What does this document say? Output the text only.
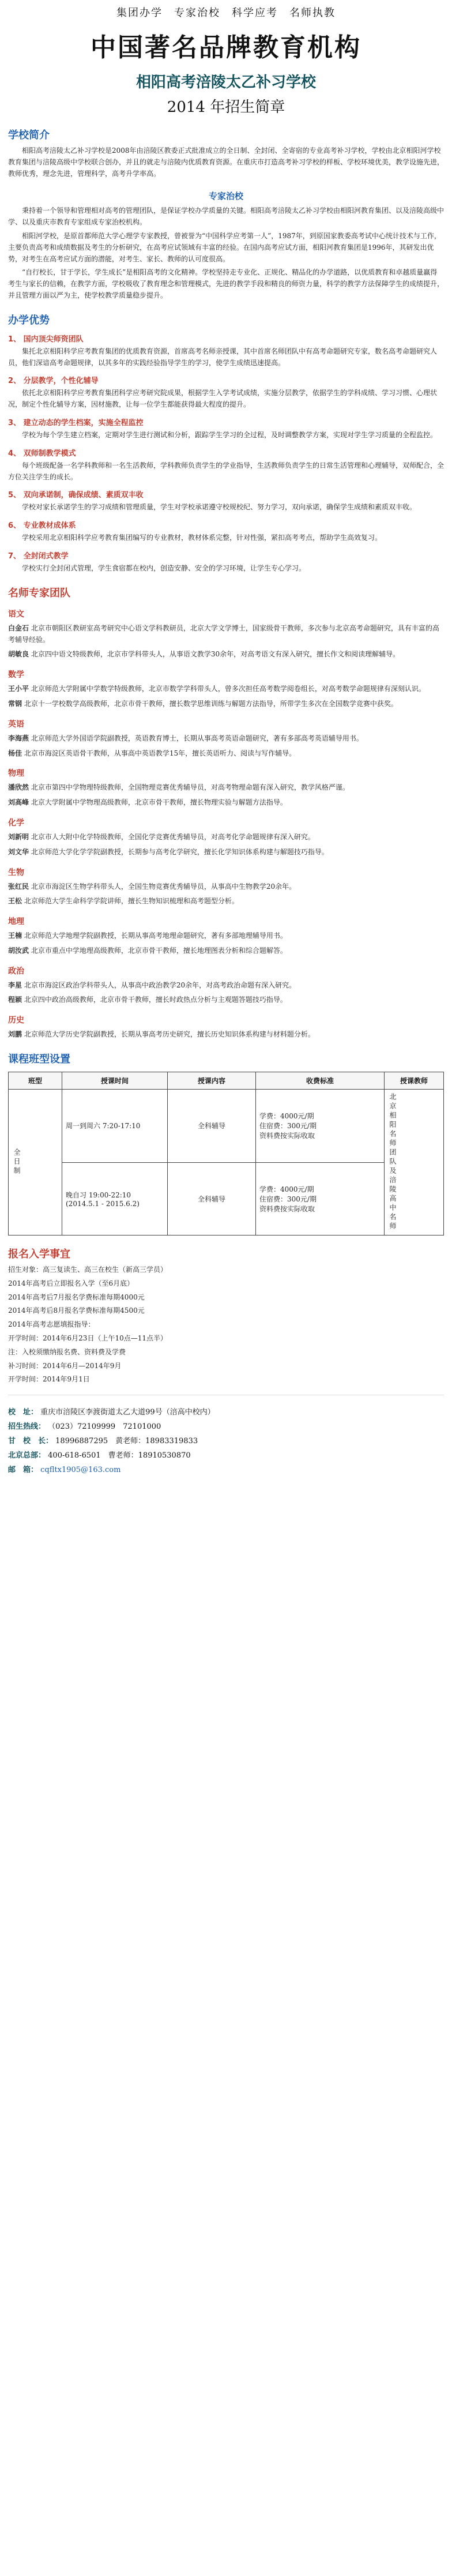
集团办学　专家治校　科学应考　名师执教
中国著名品牌教育机构
相阳高考涪陵太乙补习学校
2014 年招生简章
学校简介

相阳高考涪陵太乙补习学校是2008年由涪陵区教委正式批准成立的全日制、全封闭、全寄宿的专业高考补习学校，学校由北京相阳河学校教育集团与涪陵高级中学校联合创办，并且的就走与涪陵内优质教育资源。在重庆市打造高考补习学校的样板、学校环境优美，教学设施先进，教师优秀，理念先进，管理科学，高考升学率高。

专家治校

秉持着一个领导和管理相对高考的管理团队，是保证学校办学质量的关键。相阳高考涪陵太乙补习学校由相阳河教育集团、以及涪陵高级中学、以及重庆市教育专家组成专家治校机构。

相阳河学校，是原首都师范大学心理学专家教授，曾被誉为“中国科学应考第一人”，1987年，到原国家教委高考试中心统计技术与工作，主要负责高考和成绩数据及考生的分析研究，在高考应试领域有丰富的经验。在国内高考应试方面，相阳河教育集团是1996年，其研发出优势，对考生在高考应试方面的潜能，对考生、家长、教师的认可度很高。

“自行校长，甘于学长，学生成长”是相阳高考的文化精神。学校坚持走专业化、正规化、精品化的办学道路，以优质教育和卓越质量赢得考生与家长的信赖，在教学方面，学校吸收了教育理念和管理模式，先进的教学手段和精良的师资力量，科学的教学方法保障学生的成绩提升，并且管理方面以严为主，使学校教学质量稳步提升。

办学优势
1、 国内顶尖师资团队

集托北京相阳科学应考教育集团的优质教育资源，首席高考名师亲授课，其中首席名师团队中有高考命题研究专家，数名高考命题研究人员，他们深谙高考命题规律，以其多年的实践经验指导学生的学习，使学生成绩迅速提高。

2、 分层教学，个性化辅导

依托北京相阳科学应考教育集团科学应考研究院成果，根据学生入学考试成绩，实施分层教学，依据学生的学科成绩、学习习惯、心理状况，制定个性化辅导方案，因材施教，让每一位学生都能获得最大程度的提升。

3、 建立动态的学生档案，实施全程监控

学校为每个学生建立档案，定期对学生进行测试和分析，跟踪学生学习的全过程，及时调整教学方案，实现对学生学习质量的全程监控。

4、 双师制教学模式

每个班级配备一名学科教师和一名生活教师，学科教师负责学生的学业指导，生活教师负责学生的日常生活管理和心理辅导，双师配合，全方位关注学生的成长。

5、 双向承诺制，确保成绩、素质双丰收

学校对家长承诺学生的学习成绩和管理质量，学生对学校承诺遵守校规校纪、努力学习，双向承诺，确保学生成绩和素质双丰收。

6、 专业教材成体系

学校采用北京相阳科学应考教育集团编写的专业教材，教材体系完整，针对性强，紧扣高考考点，帮助学生高效复习。

7、 全封闭式教学

学校实行全封闭式管理，学生食宿都在校内，创造安静、安全的学习环境，让学生专心学习。

名师专家团队
语文
白金石 北京市朝阳区教研室高考研究中心语文学科教研员，北京大学文学博士，国家级骨干教师，多次参与北京高考命题研究，具有丰富的高考辅导经验。
胡敏良 北京四中语文特级教师，北京市学科带头人，从事语文教学30余年，对高考语文有深入研究，擅长作文和阅读理解辅导。
数学
王小平 北京师范大学附属中学数学特级教师，北京市数学学科带头人，曾多次担任高考数学阅卷组长，对高考数学命题规律有深刻认识。
常钢 北京十一学校数学高级教师，北京市骨干教师，擅长数学思维训练与解题方法指导，所带学生多次在全国数学竞赛中获奖。
英语
李海燕 北京师范大学外国语学院副教授，英语教育博士，长期从事高考英语命题研究，著有多部高考英语辅导用书。
杨佳 北京市海淀区英语骨干教师，从事高中英语教学15年，擅长英语听力、阅读与写作辅导。
物理
潘欣然 北京市第四中学物理特级教师，全国物理竞赛优秀辅导员，对高考物理命题有深入研究，教学风格严谨。
刘高峰 北京大学附属中学物理高级教师，北京市骨干教师，擅长物理实验与解题方法指导。
化学
刘新明 北京市人大附中化学特级教师，全国化学竞赛优秀辅导员，对高考化学命题规律有深入研究。
刘文华 北京师范大学化学学院副教授，长期参与高考化学研究，擅长化学知识体系构建与解题技巧指导。
生物
张红民 北京市海淀区生物学科带头人，全国生物竞赛优秀辅导员，从事高中生物教学20余年。
王松 北京师范大学生命科学学院讲师，擅长生物知识梳理和高考题型分析。
地理
王楠 北京师范大学地理学院副教授，长期从事高考地理命题研究，著有多部地理辅导用书。
胡汝武 北京市重点中学地理高级教师，北京市骨干教师，擅长地理图表分析和综合题解答。
政治
李星 北京市海淀区政治学科带头人，从事高中政治教学20余年，对高考政治命题有深入研究。
程颖 北京四中政治高级教师，北京市骨干教师，擅长时政热点分析与主观题答题技巧指导。
历史
刘鹏 北京师范大学历史学院副教授，长期从事高考历史研究，擅长历史知识体系构建与材料题分析。
课程班型设置
班型	授课时间	授课内容	收费标准	授课教师

全日制	周一到周六 7:20-17:10	全科辅导	学费：4000元/期
住宿费：300元/期
资料费按实际收取	北京相阳名师团队及涪陵高中名师

	晚自习 19:00-22:10 (2014.5.1 - 2015.6.2)	全科辅导	学费：4000元/期
住宿费：300元/期
资料费按实际收取	
报名入学事宜
招生对象：高三复读生、高三在校生（新高三学员）
2014年高考后立即报名入学（至6月底）
2014年高考后7月报名学费标准每期4000元
2014年高考后8月报名学费标准每期4500元
2014年高考志愿填报指导：
开学时间：2014年6月23日（上午10点—11点半）
注：入校须缴纳报名费、资料费及学费
补习时间：2014年6月—2014年9月
开学时间：2014年9月1日
校　址： 重庆市涪陵区李渡街道太乙大道99号（涪高中校内）
招生热线： （023）72109999　72101000
甘　校　长： 18996887295　黄老师：18983319833
北京总部： 400-618-6501　曹老师：18910530870
邮　箱： cqfltx1905@163.com
